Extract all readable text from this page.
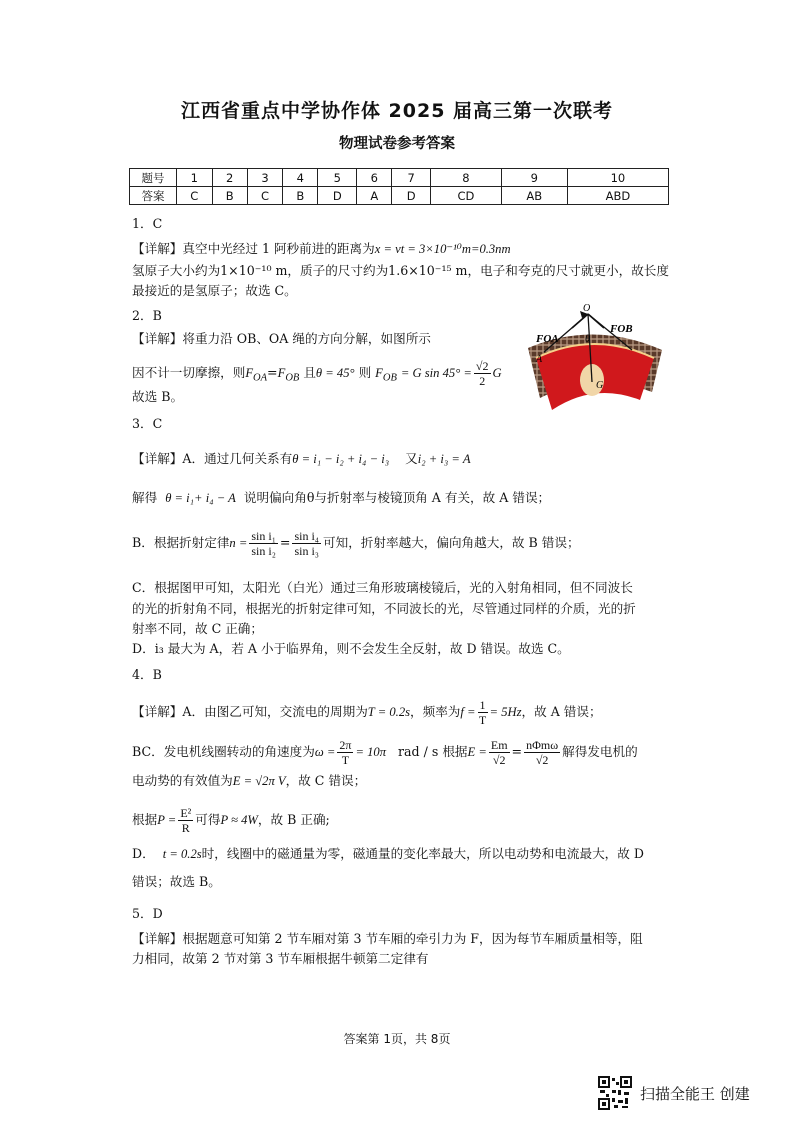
江西省重点中学协作体 2025 届高三第一次联考
物理试卷参考答案
题号	1	2	3	4	5	6	7	8	9	10
答案	C	B	C	B	D	A	D	CD	AB	ABD
1．C
【详解】真空中光经过 1 阿秒前进的距离为x = vt = 3×10⁻¹⁰m=0.3nm
氢原子大小约为1×10⁻¹⁰ m，质子的尺寸约为1.6×10⁻¹⁵ m，电子和夸克的尺寸就更小，故长度
最接近的是氢原子；故选 C。
2．B
【详解】将重力沿 OB、OA 绳的方向分解，如图所示
因不计一切摩擦，则$F_{OA}=F_{OB}$ 且θ = 45° 则 $F_{OB} = G$ $\sin 45^\circ = \frac{√2}{2}$ G
故选 B。
O
FOA
FOB
θ
A
G
3．C
【详解】A．通过几何关系有θ = i₁ − i₂ + i₄ − i₃ 又i₂ + i₃ = A
解得 θ = i₁+ i₄ − A 说明偏向角θ与折射率与棱镜顶角 A 有关，故 A 错误；
B．根据折射定律$n = \frac{\text{sin i₁}}{\text{sin i₂}} = \frac{\text{sin i₄}}{\text{sin i₃}}$ 可知，折射率越大，偏向角越大，故 B 错误；
C．根据图甲可知，太阳光（白光）通过三角形玻璃棱镜后，光的入射角相同，但不同波长
的光的折射角不同，根据光的折射定律可知，不同波长的光，尽管通过同样的介质，光的折
射率不同，故 C 正确；
D．i₃ 最大为 A，若 A 小于临界角，则不会发生全反射，故 D 错误。故选 C。
4．B
【详解】A．由图乙可知，交流电的周期为T = 0.2s，频率为$f = \frac{1}{T} = 5Hz$，故 A 错误；
BC．发电机线圈转动的角速度为$\omega = \frac{2\pi}{T} = 10\pi$ rad / s 根据$E = \frac{Em}{√2} = \frac{\text{nΦmω}}{√2}$ 解得发电机的
电动势的有效值为E = √2π V，故 C 错误；
根据$P = \frac{\text{E²}}{R}$ 可得P ≈ 4W，故 B 正确;
D． t = 0.2s时，线圈中的磁通量为零，磁通量的变化率最大，所以电动势和电流最大，故 D
错误；故选 B。
5．D
【详解】根据题意可知第 2 节车厢对第 3 节车厢的牵引力为 F，因为每节车厢质量相等，阻
力相同，故第 2 节对第 3 节车厢根据牛顿第二定律有
答案第 1页，共 8页
扫描全能王 创建
